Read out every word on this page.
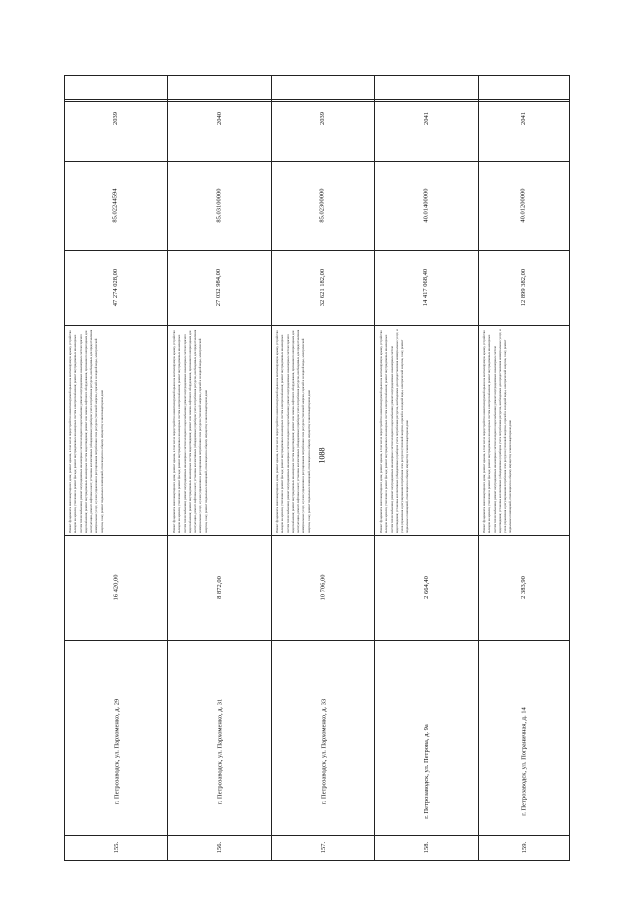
1088
2039
85.02244594
47 274 028,00
Ремонт фундамента многоквартирного дома; ремонт крыши, в том числе переустройство невентилируемой крыши на вентилируемую крышу, устройство выходов на кровлю; утепление и ремонт фасада; ремонт внутридомовых инженерных систем электроснабжения; ремонт внутридомовых инженерных систем теплоснабжения; ремонт внутридомовых инженерных систем холодного водоснабжения; ремонт внутридомовых инженерных систем горячего водоснабжения; ремонт внутридомовых инженерных систем водоотведения; ремонт или замена лифтового оборудования, признанного непригодным для эксплуатации, ремонт лифтовых шахт; установка коллективных (общедомовых) приборов учета потребления ресурсов, необходимых для предоставления коммунальных услуг, и узлов управления и регулирования потребления этих ресурсов (тепловой энергии, горячей и холодной воды, электрической энергии, газа); ремонт подвальных помещений, относящихся к общему имуществу в многоквартирном доме
16 420,00
г. Петрозаводск, ул. Пархоменко, д. 29
155.
2040
85.03100000
27 032 984,00
Ремонт фундамента многоквартирного дома; ремонт крыши, в том числе переустройство невентилируемой крыши на вентилируемую крышу, устройство выходов на кровлю; утепление и ремонт фасада; ремонт внутридомовых инженерных систем электроснабжения; ремонт внутридомовых инженерных систем теплоснабжения; ремонт внутридомовых инженерных систем холодного водоснабжения; ремонт внутридомовых инженерных систем горячего водоснабжения; ремонт внутридомовых инженерных систем водоотведения; ремонт или замена лифтового оборудования, признанного непригодным для эксплуатации, ремонт лифтовых шахт; установка коллективных (общедомовых) приборов учета потребления ресурсов, необходимых для предоставления коммунальных услуг, и узлов управления и регулирования потребления этих ресурсов (тепловой энергии, горячей и холодной воды, электрической энергии, газа); ремонт подвальных помещений, относящихся к общему имуществу в многоквартирном доме
8 872,00
г. Петрозаводск, ул. Пархоменко, д. 31
156.
2039
85.02300000
32 621 182,00
Ремонт фундамента многоквартирного дома; ремонт крыши, в том числе переустройство невентилируемой крыши на вентилируемую крышу, устройство выходов на кровлю; утепление и ремонт фасада; ремонт внутридомовых инженерных систем электроснабжения; ремонт внутридомовых инженерных систем теплоснабжения; ремонт внутридомовых инженерных систем холодного водоснабжения; ремонт внутридомовых инженерных систем горячего водоснабжения; ремонт внутридомовых инженерных систем водоотведения; ремонт или замена лифтового оборудования, признанного непригодным для эксплуатации, ремонт лифтовых шахт; установка коллективных (общедомовых) приборов учета потребления ресурсов, необходимых для предоставления коммунальных услуг, и узлов управления и регулирования потребления этих ресурсов (тепловой энергии, горячей и холодной воды, электрической энергии, газа); ремонт подвальных помещений, относящихся к общему имуществу в многоквартирном доме
10 706,00
г. Петрозаводск, ул. Пархоменко, д. 33
157.
2041
40.01400000
14 417 068,40
Ремонт фундамента многоквартирного дома; ремонт крыши, в том числе переустройство невентилируемой крыши на вентилируемую крышу, устройство выходов на кровлю; утепление и ремонт фасада; ремонт внутридомовых инженерных систем электроснабжения; ремонт внутридомовых инженерных систем теплоснабжения; ремонт внутридомовых инженерных систем холодного водоснабжения; ремонт внутридомовых инженерных систем водоотведения; установка коллективных (общедомовых) приборов учета потребления ресурсов, необходимых для предоставления коммунальных услуг, и узлов управления и регулирования потребления этих ресурсов (тепловой энергии, горячей и холодной воды, электрической энергии, газа); ремонт подвальных помещений, относящихся к общему имуществу в многоквартирном доме
2 664,40
г. Петрозаводск, ул. Петрова, д. 9а
158.
2041
40.01200000
12 899 382,00
Ремонт фундамента многоквартирного дома; ремонт крыши, в том числе переустройство невентилируемой крыши на вентилируемую крышу, устройство выходов на кровлю; утепление и ремонт фасада; ремонт внутридомовых инженерных систем электроснабжения; ремонт внутридомовых инженерных систем теплоснабжения; ремонт внутридомовых инженерных систем холодного водоснабжения; ремонт внутридомовых инженерных систем водоотведения; установка коллективных (общедомовых) приборов учета потребления ресурсов, необходимых для предоставления коммунальных услуг, и узлов управления и регулирования потребления этих ресурсов (тепловой энергии, горячей и холодной воды, электрической энергии, газа); ремонт подвальных помещений, относящихся к общему имуществу в многоквартирном доме
2 383,90
г. Петрозаводск, ул. Пограничная, д. 14
159.
